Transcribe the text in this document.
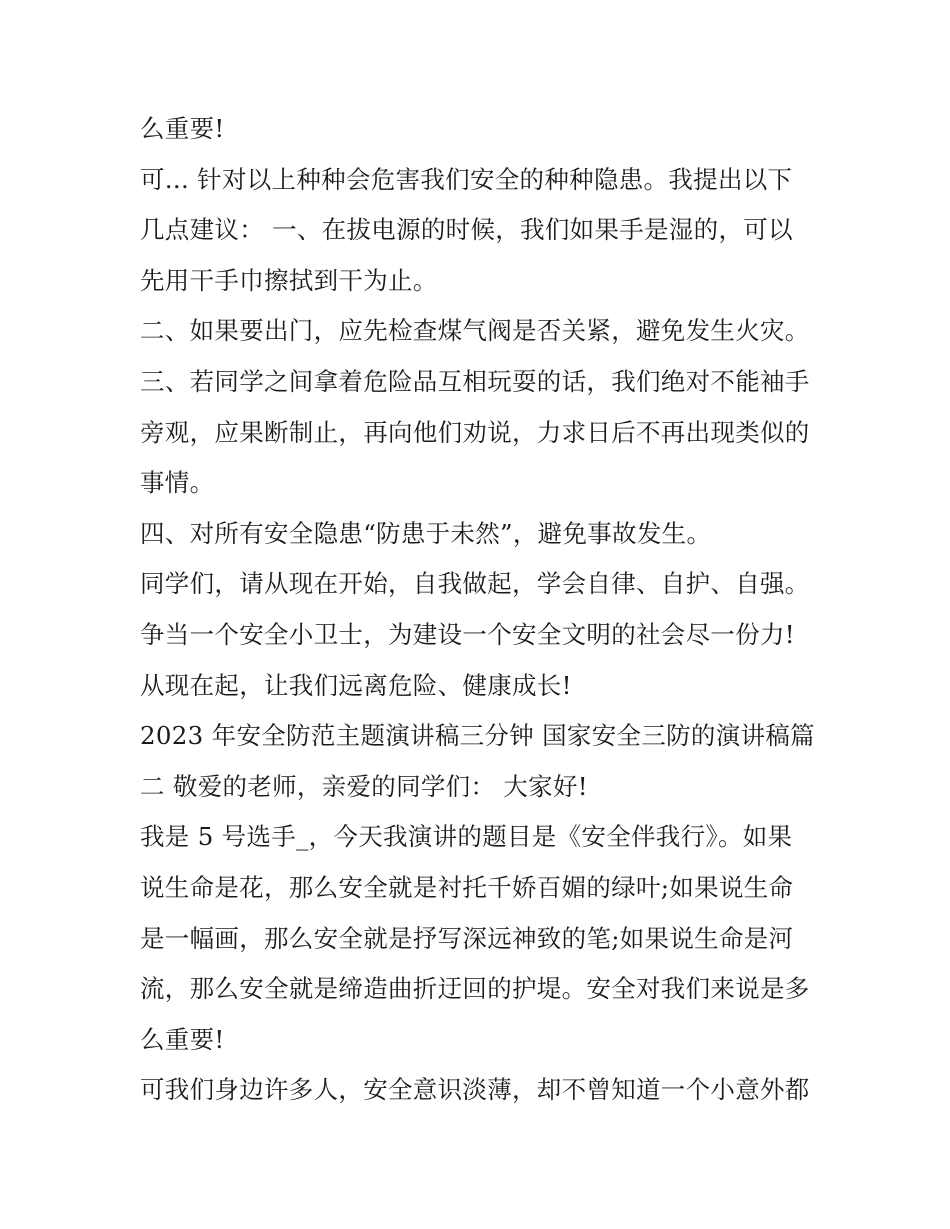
么重要!
可... 针对以上种种会危害我们安全的种种隐患。我提出以下
几点建议： 一、在拔电源的时候，我们如果手是湿的，可以
先用干手巾擦拭到干为止。
二、如果要出门，应先检查煤气阀是否关紧，避免发生火灾。
三、若同学之间拿着危险品互相玩耍的话，我们绝对不能袖手
旁观，应果断制止，再向他们劝说，力求日后不再出现类似的
事情。
四、对所有安全隐患“防患于未然”，避免事故发生。
同学们，请从现在开始，自我做起，学会自律、自护、自强。
争当一个安全小卫士，为建设一个安全文明的社会尽一份力!
从现在起，让我们远离危险、健康成长!
2023 年安全防范主题演讲稿三分钟 国家安全三防的演讲稿篇
二 敬爱的老师，亲爱的同学们： 大家好!
我是 5 号选手_，今天我演讲的题目是《安全伴我行》。如果
说生命是花，那么安全就是衬托千娇百媚的绿叶;如果说生命
是一幅画，那么安全就是抒写深远神致的笔;如果说生命是河
流，那么安全就是缔造曲折迂回的护堤。安全对我们来说是多
么重要!
可我们身边许多人，安全意识淡薄，却不曾知道一个小意外都
